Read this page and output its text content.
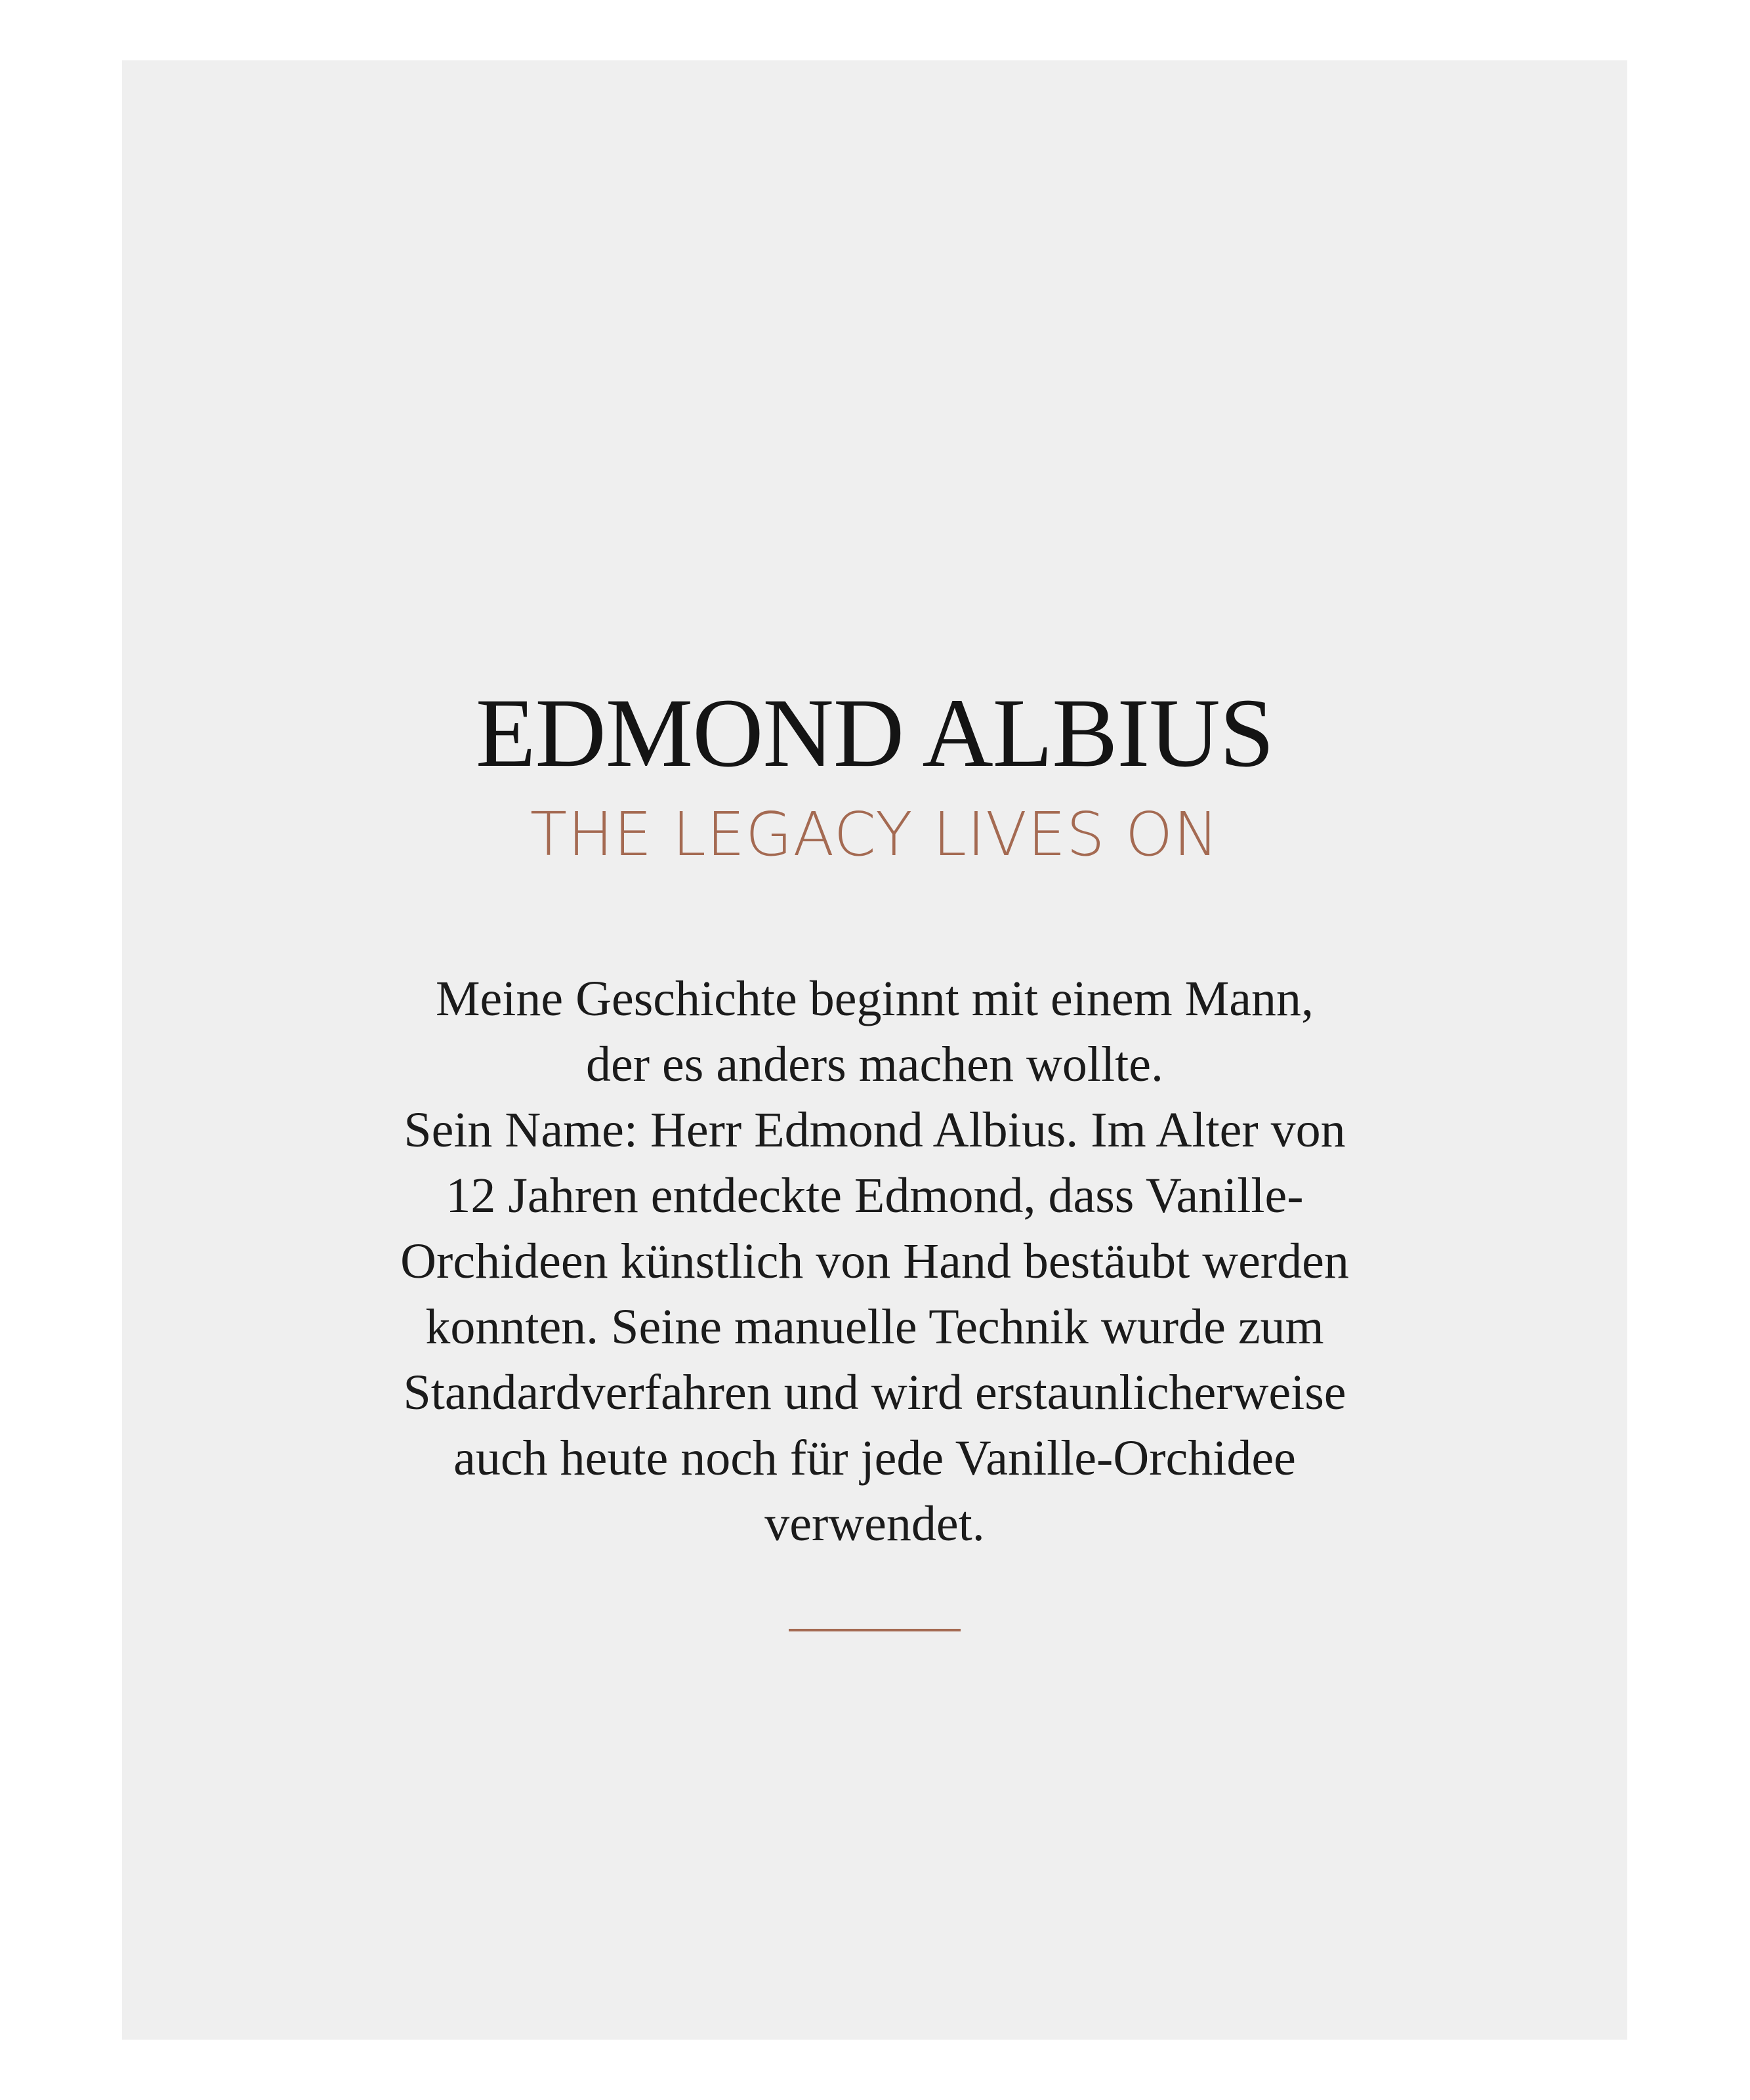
EDMOND ALBIUS
THE LEGACY LIVES ON
Meine Geschichte beginnt mit einem Mann,
der es anders machen wollte.
Sein Name: Herr Edmond Albius. Im Alter von
12 Jahren entdeckte Edmond, dass Vanille-
Orchideen künstlich von Hand bestäubt werden
konnten. Seine manuelle Technik wurde zum
Standardverfahren und wird erstaunlicherweise
auch heute noch für jede Vanille-Orchidee
verwendet.
